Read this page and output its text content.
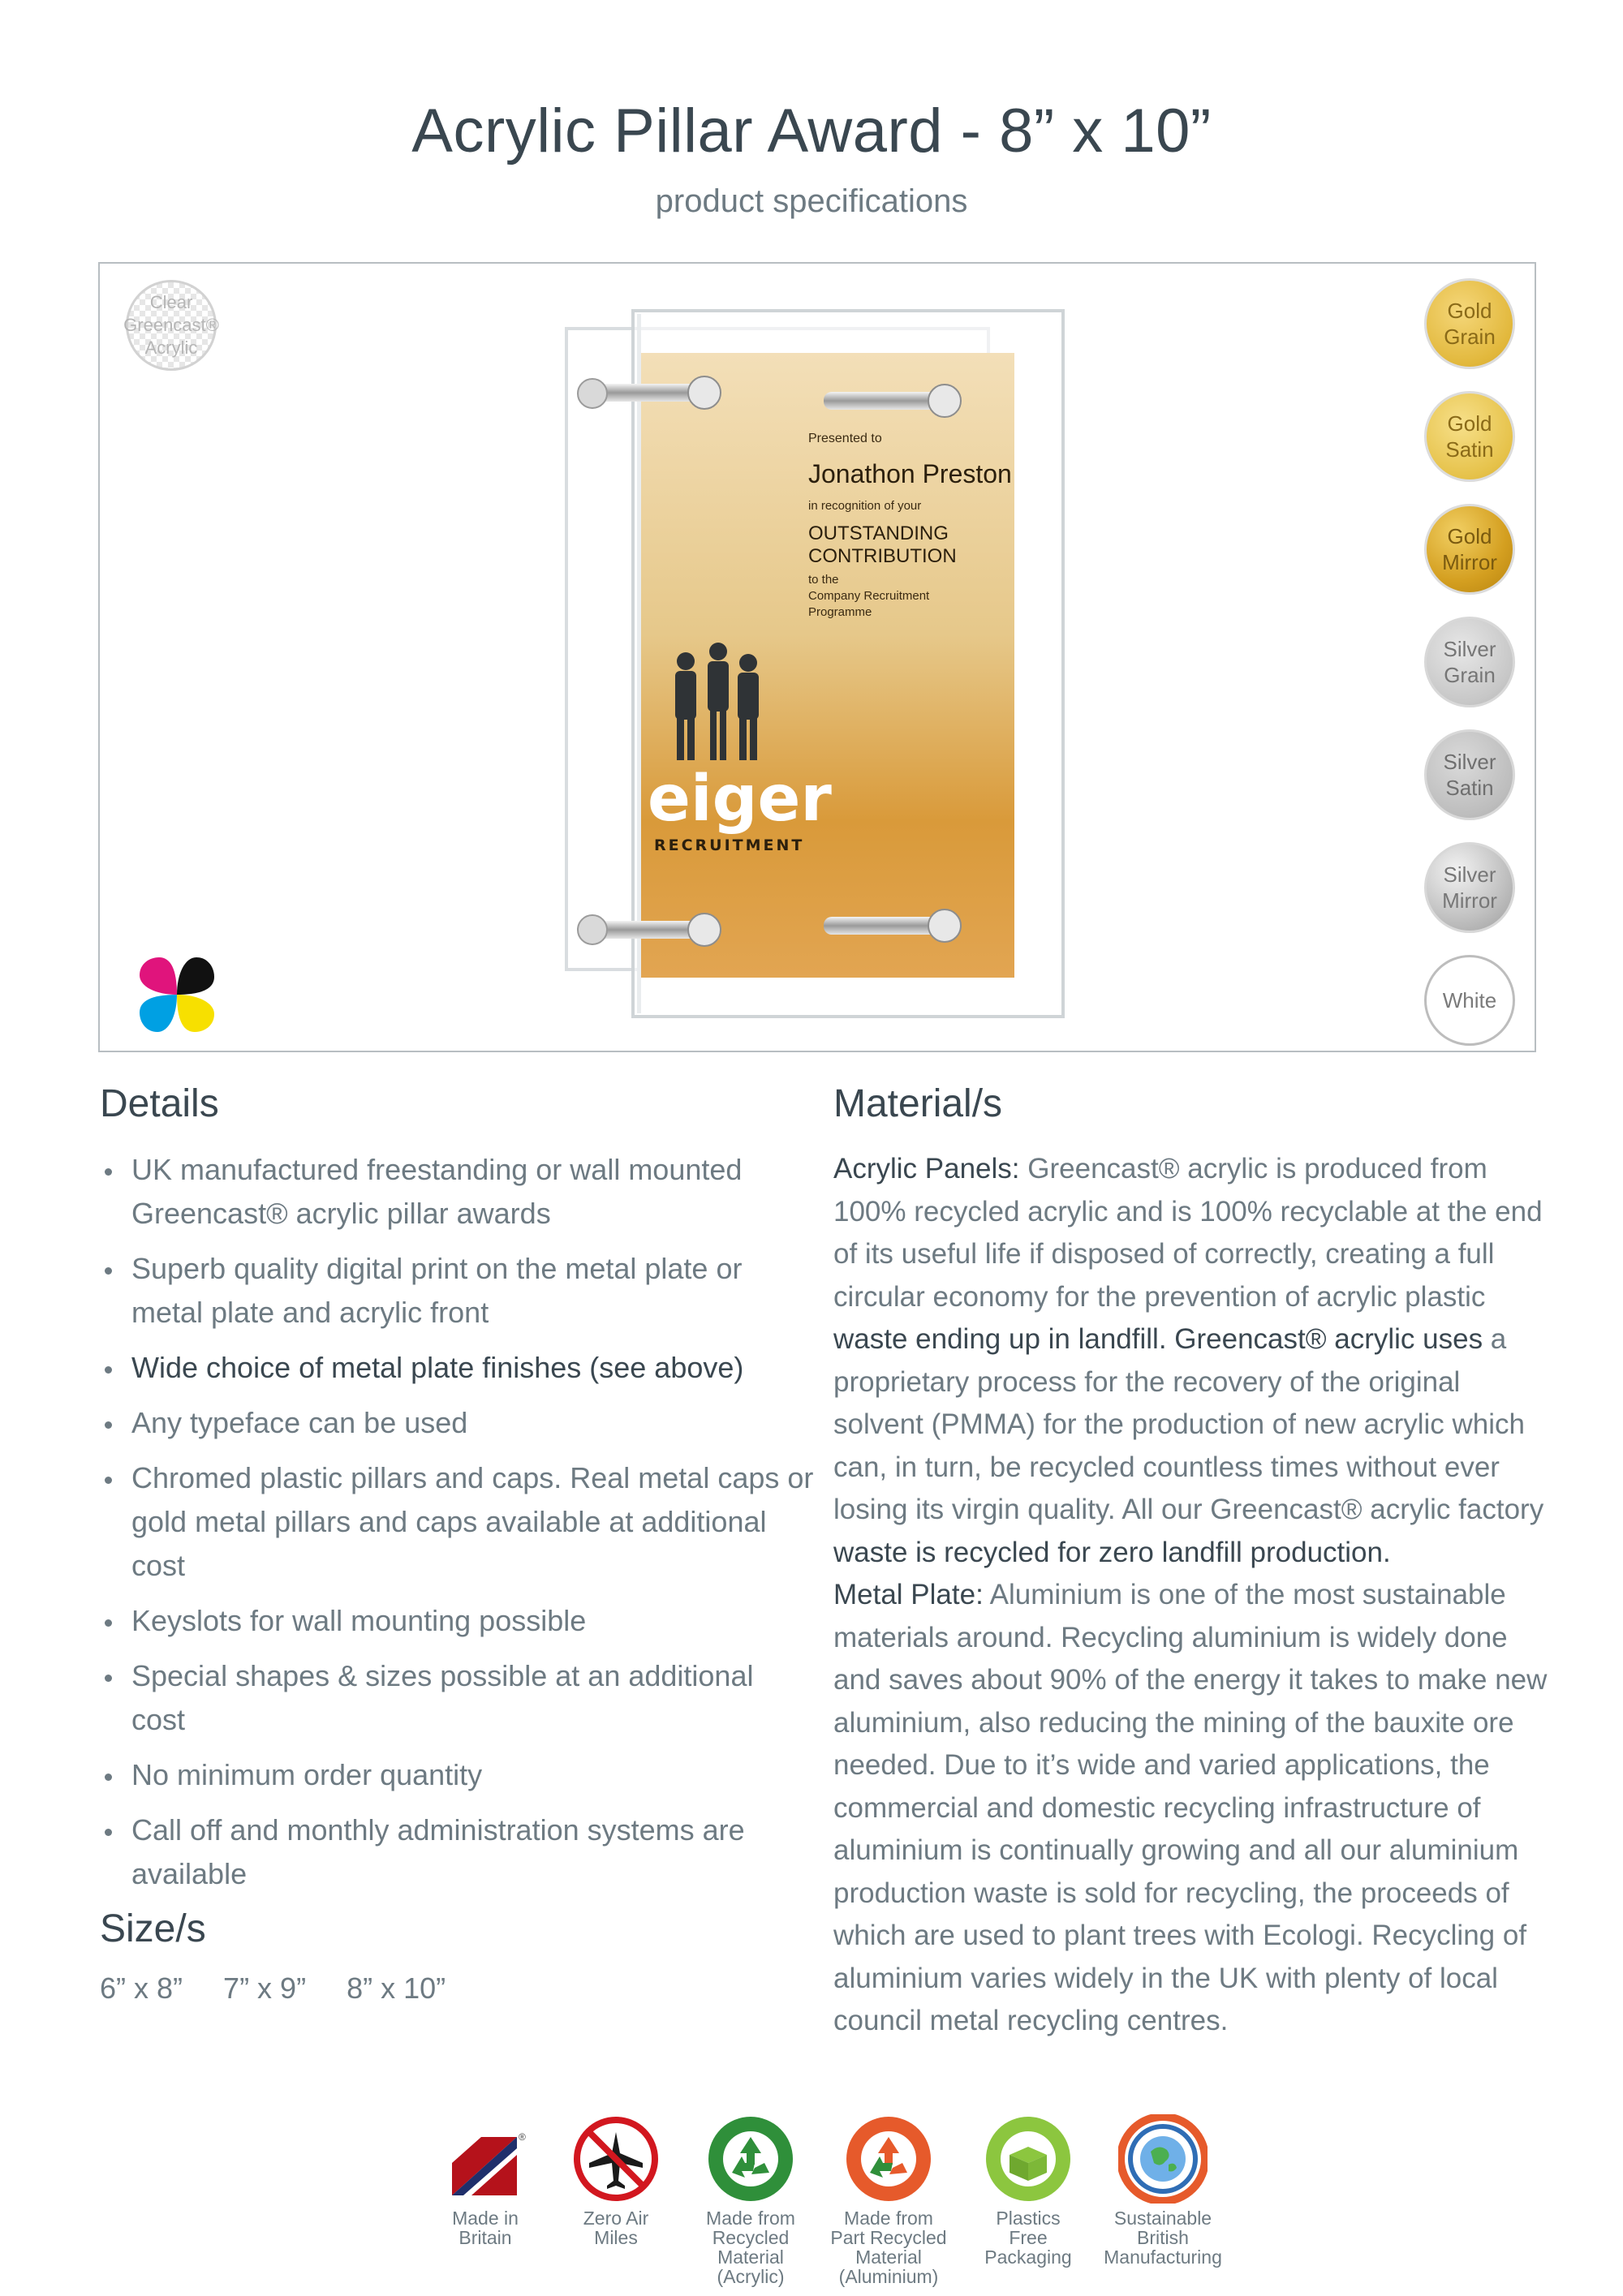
Acrylic Pillar Award - 8” x 10”
product specifications
Presented to
Jonathon Preston
in recognition of your
OUTSTANDING
CONTRIBUTION
to the
Company Recruitment
Programme
eiger
RECRUITMENT
Clear
Greencast®
Acrylic
Gold
Grain
Gold
Satin
Gold
Mirror
Silver
Grain
Silver
Satin
Silver
Mirror
White
Details
UK manufactured freestanding or wall mounted Greencast® acrylic pillar awards
Superb quality digital print on the metal plate or metal plate and acrylic front
Wide choice of metal plate finishes (see above)
Any typeface can be used
Chromed plastic pillars and caps. Real metal caps or gold metal pillars and caps available at additional cost
Keyslots for wall mounting possible
Special shapes & sizes possible at an additional cost
No minimum order quantity
Call off and monthly administration systems are available
Size/s
6” x 8” 7” x 9” 8” x 10”
Material/s
Acrylic Panels: Greencast® acrylic is produced from 100% recycled acrylic and is 100% recyclable at the end of its useful life if disposed of correctly, creating a full circular economy for the prevention of acrylic plastic waste ending up in landfill. Greencast® acrylic uses a proprietary process for the recovery of the original solvent (PMMA) for the production of new acrylic which can, in turn, be recycled countless times without ever losing its virgin quality. All our Greencast® acrylic factory waste is recycled for zero landfill production.
Metal Plate: Aluminium is one of the most sustainable materials around. Recycling aluminium is widely done and saves about 90% of the energy it takes to make new aluminium, also reducing the mining of the bauxite ore needed. Due to it’s wide and varied applications, the commercial and domestic recycling infrastructure of aluminium is continually growing and all our aluminium production waste is sold for recycling, the proceeds of which are used to plant trees with Ecologi. Recycling of aluminium varies widely in the UK with plenty of local council metal recycling centres.
®
Made in
Britain
Zero Air
Miles
Made from
Recycled
Material
(Acrylic)
Made from
Part Recycled
Material
(Aluminium)
Plastics
Free
Packaging
Sustainable
British
Manufacturing
